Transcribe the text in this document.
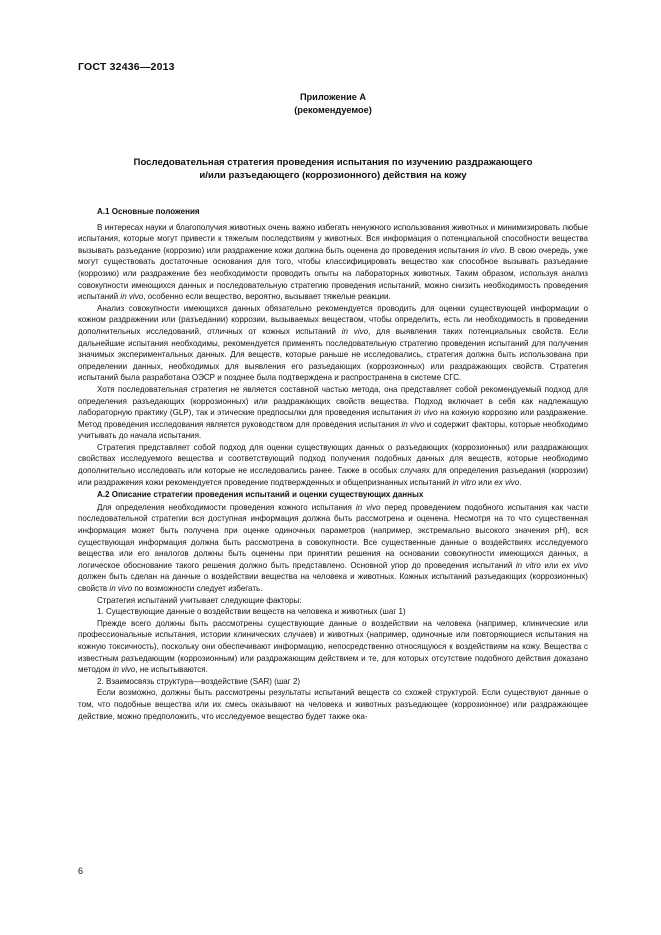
ГОСТ 32436—2013
Приложение А
(рекомендуемое)
Последовательная стратегия проведения испытания по изучению раздражающего
и/или разъедающего (коррозионного) действия на кожу
А.1 Основные положения

В интересах науки и благополучия животных очень важно избегать ненужного использования животных и минимизировать любые испытания, которые могут привести к тяжелым последствиям у животных. Вся информация о потенциальной способности вещества вызывать разъедание (коррозию) или раздражение кожи должна быть оценена до проведения испытания in vivo. В свою очередь, уже могут существовать достаточные основания для того, чтобы классифицировать вещество как способное вызывать разъедание (коррозию) или раздражение без необходимости проводить опыты на лабораторных животных. Таким образом, используя анализ совокупности имеющихся данных и последовательную стратегию проведения испытаний, можно снизить необходимость проведения испытаний in vivo, особенно если вещество, вероятно, вызывает тяжелые реакции.

Анализ совокупности имеющихся данных обязательно рекомендуется проводить для оценки существующей информации о кожном раздражении или (разъедании) коррозии, вызываемых веществом, чтобы определить, есть ли необходимость в проведении дополнительных исследований, отличных от кожных испытаний in vivo, для выявления таких потенциальных свойств. Если дальнейшие испытания необходимы, рекомендуется применять последовательную стратегию проведения испытаний для получения значимых экспериментальных данных. Для веществ, которые раньше не исследовались, стратегия должна быть использована при определении данных, необходимых для выявления его разъедающих (коррозионных) или раздражающих свойств. Стратегия испытаний была разработана ОЭСР и позднее была подтверждена и распространена в системе СГС.

Хотя последовательная стратегия не является составной частью метода, она представляет собой рекомендуемый подход для определения разъедающих (коррозионных) или раздражающих свойств вещества. Подход включает в себя как надлежащую лабораторную практику (GLP), так и этические предпосылки для проведения испытания in vivo на кожную коррозию или раздражение. Метод проведения исследования является руководством для проведения испытания in vivo и содержит факторы, которые необходимо учитывать до начала испытания.

Стратегия представляет собой подход для оценки существующих данных о разъедающих (коррозионных) или раздражающих свойствах исследуемого вещества и соответствующий подход получения подобных данных для веществ, которые необходимо дополнительно исследовать или которые не исследовались ранее. Также в особых случаях для определения разъедания (коррозии) или раздражения кожи рекомендуется проведение подтвержденных и общепризнанных испытаний in vitro или ex vivo.

А.2 Описание стратегии проведения испытаний и оценки существующих данных

Для определения необходимости проведения кожного испытания in vivo перед проведением подобного испытания как части последовательной стратегии вся доступная информация должна быть рассмотрена и оценена. Несмотря на то что существенная информация может быть получена при оценке одиночных параметров (например, экстремально высокого значения pH), вся существующая информация должна быть рассмотрена в совокупности. Все существенные данные о воздействиях исследуемого вещества или его аналогов должны быть оценены при принятии решения на основании совокупности имеющихся данных, а логическое обоснование такого решения должно быть представлено. Основной упор до проведения испытаний in vitro или ex vivo должен быть сделан на данные о воздействии вещества на человека и животных. Кожных испытаний разъедающих (коррозионных) свойств in vivo по возможности следует избегать.

Стратегия испытаний учитывает следующие факторы:

1. Существующие данные о воздействии веществ на человека и животных (шаг 1)

Прежде всего должны быть рассмотрены существующие данные о воздействии на человека (например, клинические или профессиональные испытания, истории клинических случаев) и животных (например, одиночные или повторяющиеся испытания на кожную токсичность), поскольку они обеспечивают информацию, непосредственно относящуюся к воздействиям на кожу. Вещества с известным разъедающим (коррозионным) или раздражающим действием и те, для которых отсутствие подобного действия доказано методом in vivo, не испытываются.

2. Взаимосвязь структура—воздействие (SAR) (шаг 2)

Если возможно, должны быть рассмотрены результаты испытаний веществ со схожей структурой. Если существуют данные о том, что подобные вещества или их смесь оказывают на человека и животных разъедающее (коррозионное) или раздражающее действие, можно предположить, что исследуемое вещество будет также ока-

6
